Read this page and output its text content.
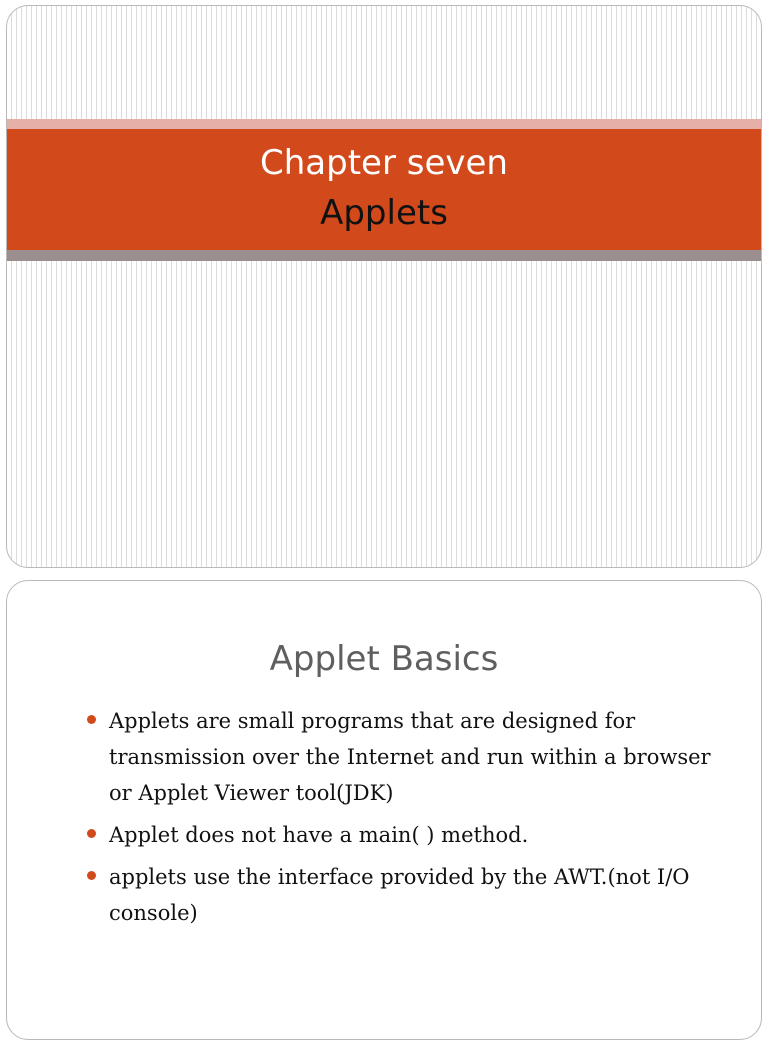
Chapter seven
Applets
Applet Basics
Applets are small programs that are designed for transmission over the Internet and run within a browser or Applet Viewer tool(JDK)
Applet does not have a main( ) method.
applets use the interface provided by the AWT.(not I/O console)
